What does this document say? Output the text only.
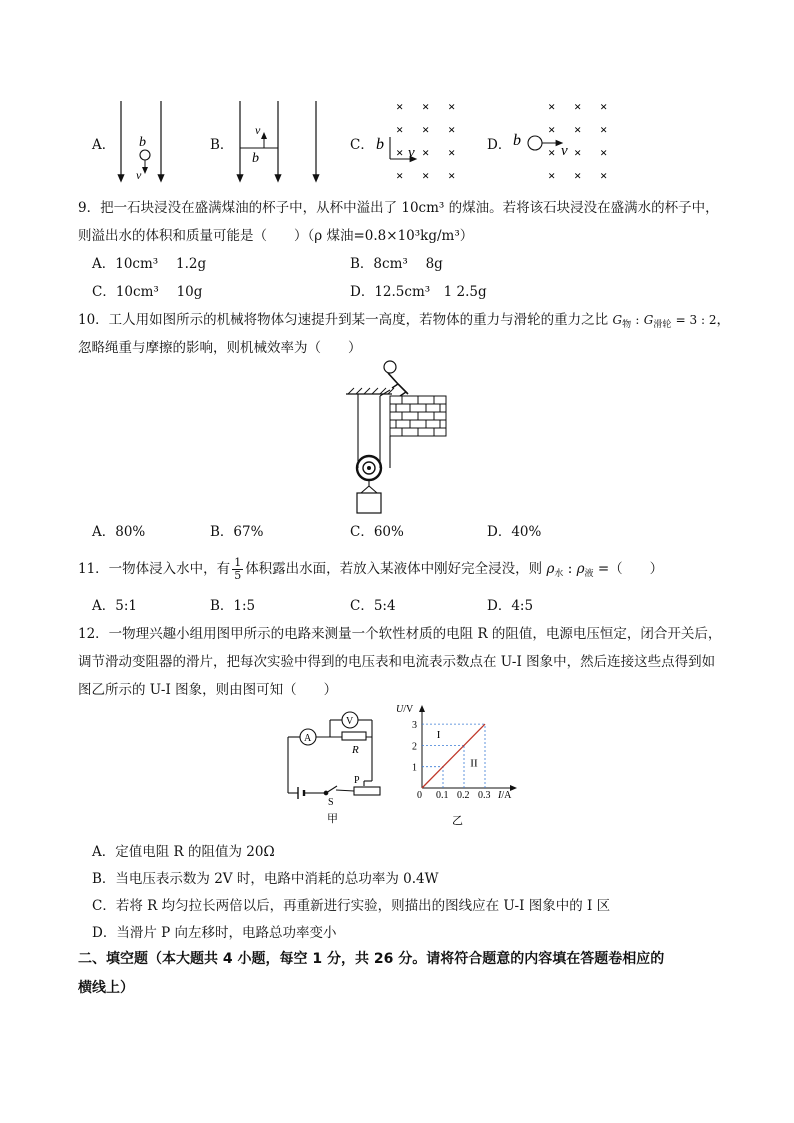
A． b
v
B．
v
b
C．
× × ×
× × ×
× × ×
× × ×
b v	D．
× × ×
× × ×
× × ×
× × ×
b
v
9．把一石块浸没在盛满煤油的杯子中，从杯中溢出了 10cm³ 的煤油。若将该石块浸没在盛满水的杯子中，
则溢出水的体积和质量可能是（　　）（ρ 煤油=0.8×10³kg/m³）
A．10cm³　 1.2g	B．8cm³　 8g
C．10cm³　 10g	D．12.5cm³　1 2.5g
10．工人用如图所示的机械将物体匀速提升到某一高度，若物体的重力与滑轮的重力之比 $G_物$ : $G_{滑轮} = 3$ : 2，
忽略绳重与摩擦的影响，则机械效率为（　　）
A．80%	B．67%	C．60%	D．40%
11．一物体浸入水中，有 $\frac{1}{5}$ 体积露出水面，若放入某液体中刚好完全浸没，则 $\rho_水$ : $\rho_液$ =（　　）
A．5:1	B．1:5	C．5:4	D．4:5
12．一物理兴趣小组用图甲所示的电路来测量一个软性材质的电阻 R 的阻值，电源电压恒定，闭合开关后，
调节滑动变阻器的滑片，把每次实验中得到的电压表和电流表示数点在 U-I 图象中，然后连接这些点得到如
图乙所示的 U-I 图象，则由图可知（　　）
A
V
R
P
S
甲
0.1 0.2 0.3
1
2
3
U/V
I/A
0
I
II
乙
A．定值电阻 R 的阻值为 20Ω
B．当电压表示数为 2V 时，电路中消耗的总功率为 0.4W
C．若将 R 均匀拉长两倍以后，再重新进行实验，则描出的图线应在 U-I 图象中的 I 区
D．当滑片 P 向左移时，电路总功率变小
二、填空题（本大题共 4 小题，每空 1 分，共 26 分。请将符合题意的内容填在答题卷相应的
横线上）
